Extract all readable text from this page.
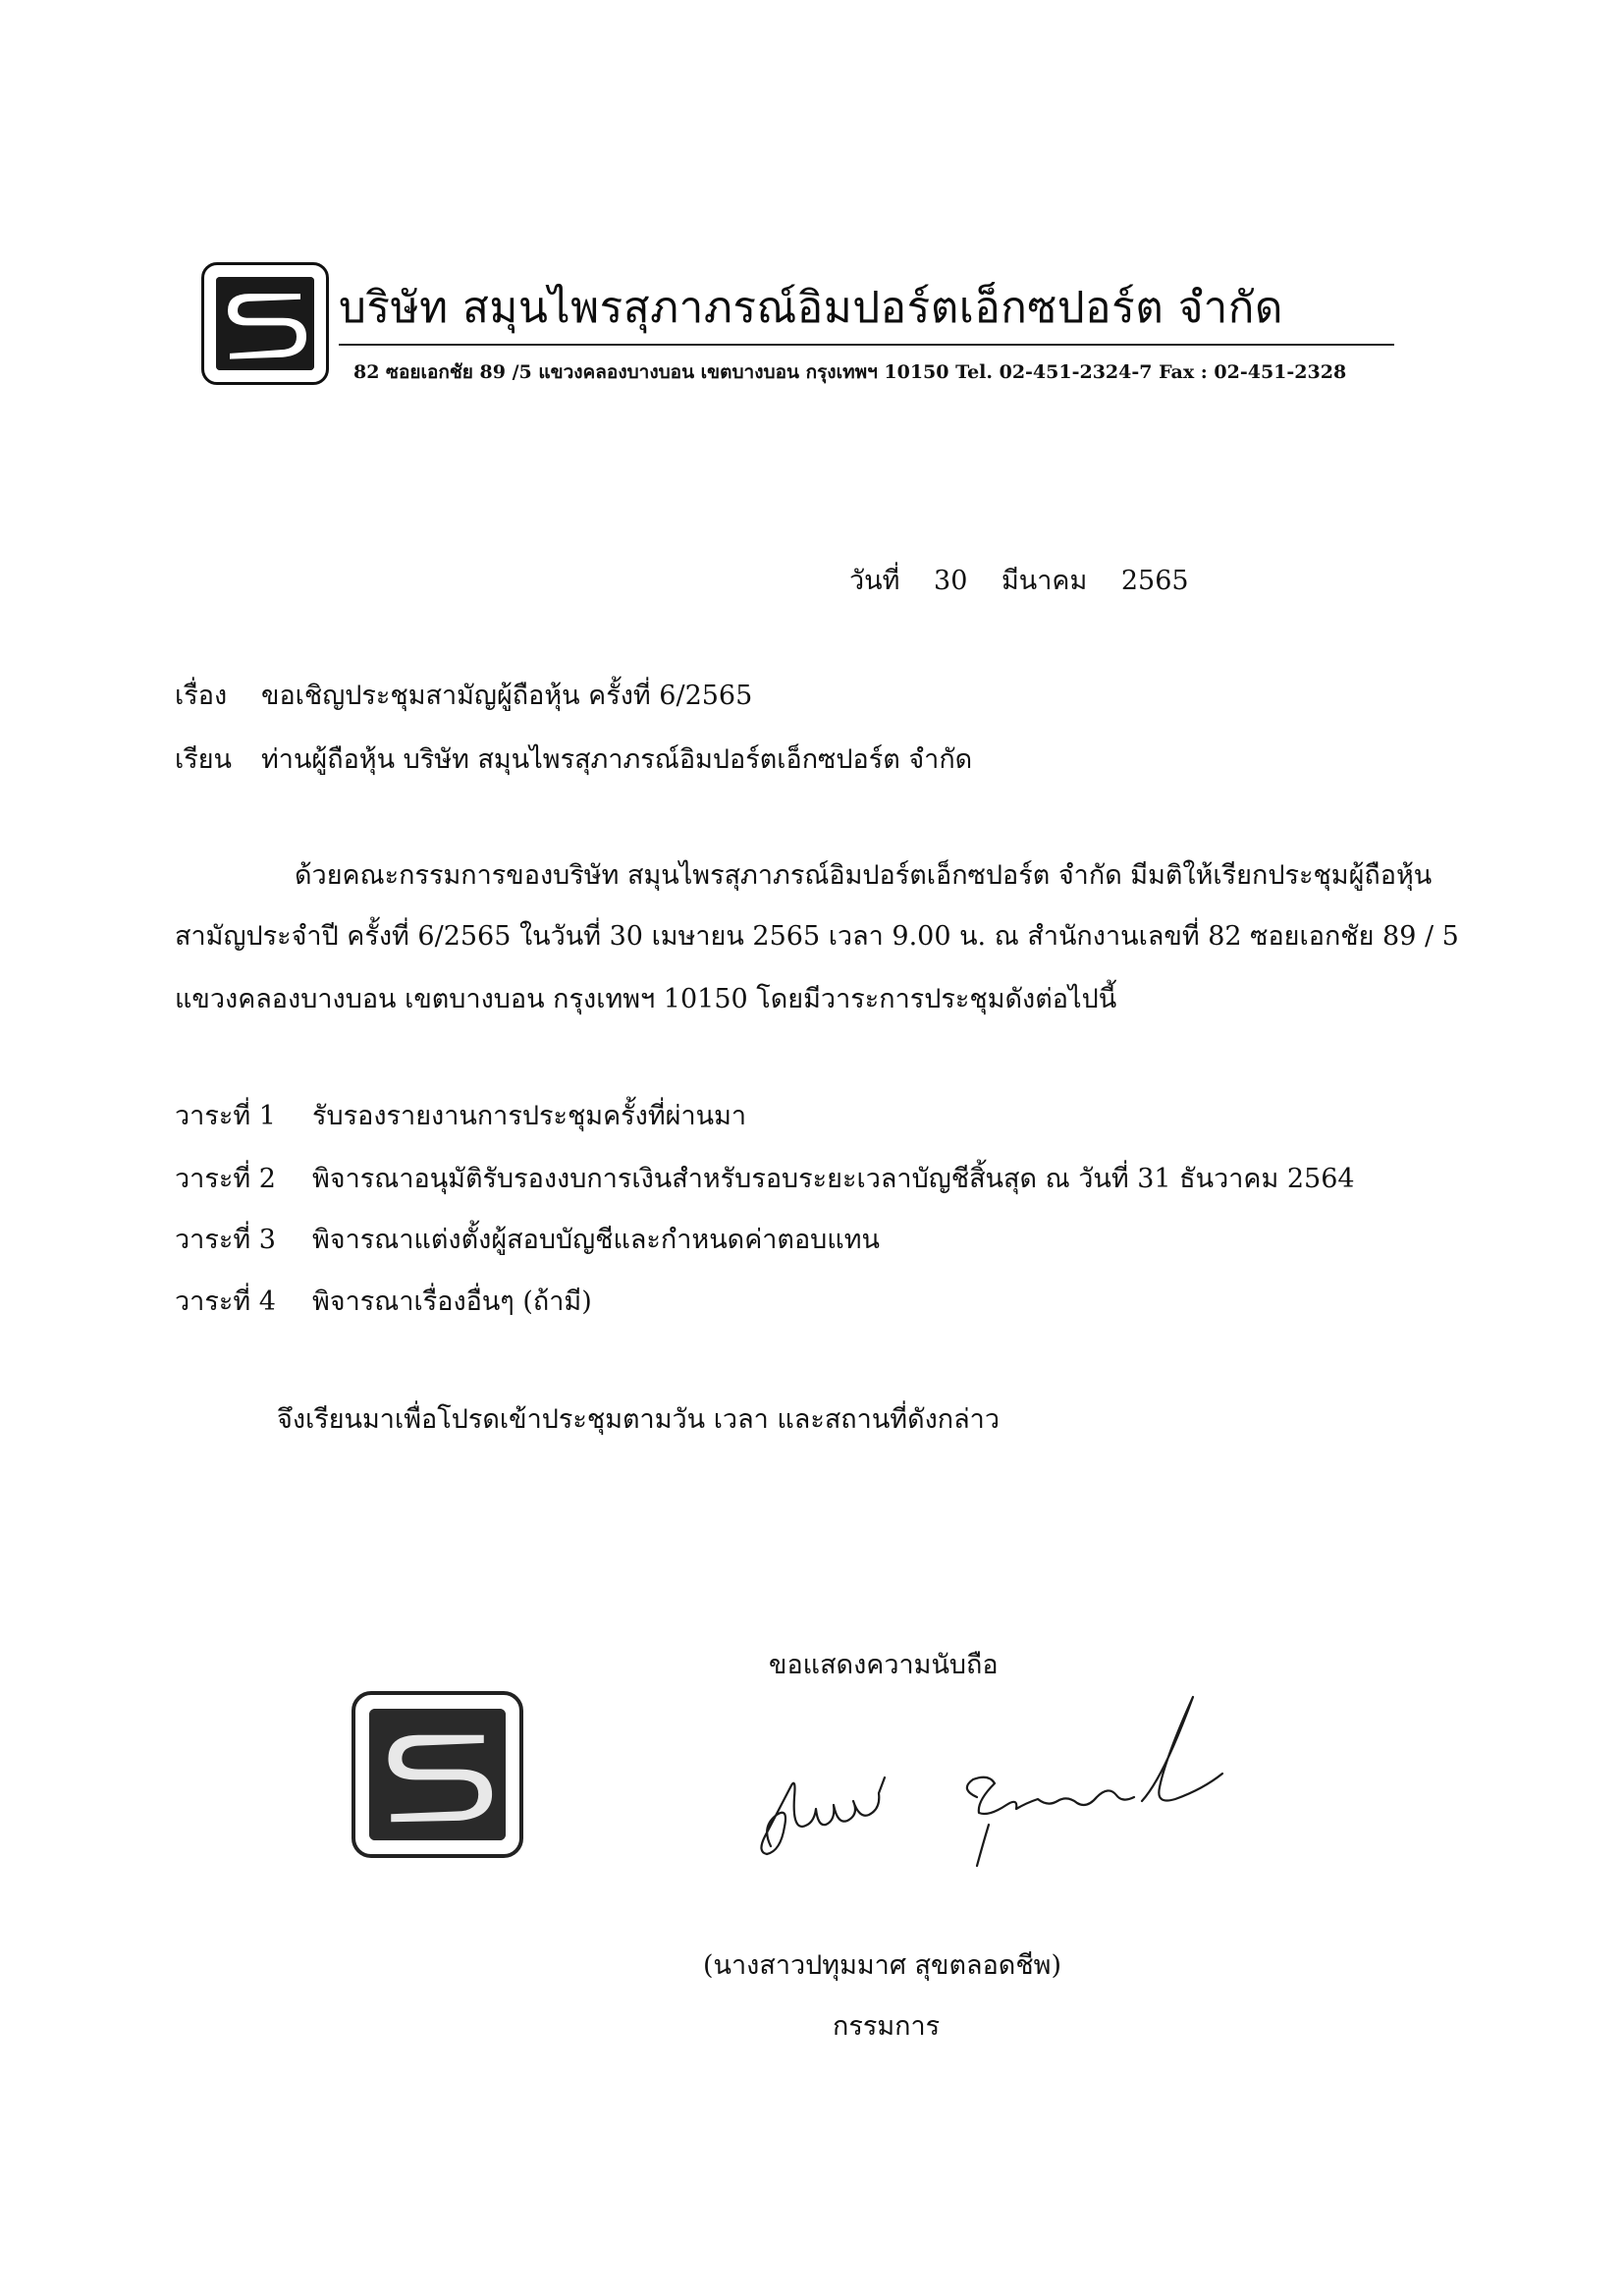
บริษัท สมุนไพรสุภาภรณ์อิมปอร์ตเอ็กซปอร์ต จำกัด
82 ซอยเอกชัย 89 /5 แขวงคลองบางบอน เขตบางบอน กรุงเทพฯ 10150 Tel. 02-451-2324-7 Fax : 02-451-2328
วันที่ 30 มีนาคม 2565
เรื่อง ขอเชิญประชุมสามัญผู้ถือหุ้น ครั้งที่ 6/2565
เรียน ท่านผู้ถือหุ้น บริษัท สมุนไพรสุภาภรณ์อิมปอร์ตเอ็กซปอร์ต จำกัด
ด้วยคณะกรรมการของบริษัท สมุนไพรสุภาภรณ์อิมปอร์ตเอ็กซปอร์ต จำกัด มีมติให้เรียกประชุมผู้ถือหุ้น
สามัญประจำปี ครั้งที่ 6/2565 ในวันที่ 30 เมษายน 2565 เวลา 9.00 น. ณ สำนักงานเลขที่ 82 ซอยเอกชัย 89 / 5
แขวงคลองบางบอน เขตบางบอน กรุงเทพฯ 10150 โดยมีวาระการประชุมดังต่อไปนี้
วาระที่ 1 รับรองรายงานการประชุมครั้งที่ผ่านมา
วาระที่ 2 พิจารณาอนุมัติรับรองงบการเงินสำหรับรอบระยะเวลาบัญชีสิ้นสุด ณ วันที่ 31 ธันวาคม 2564
วาระที่ 3 พิจารณาแต่งตั้งผู้สอบบัญชีและกำหนดค่าตอบแทน
วาระที่ 4 พิจารณาเรื่องอื่นๆ (ถ้ามี)
จึงเรียนมาเพื่อโปรดเข้าประชุมตามวัน เวลา และสถานที่ดังกล่าว
ขอแสดงความนับถือ
(นางสาวปทุมมาศ สุขตลอดชีพ)
กรรมการ
